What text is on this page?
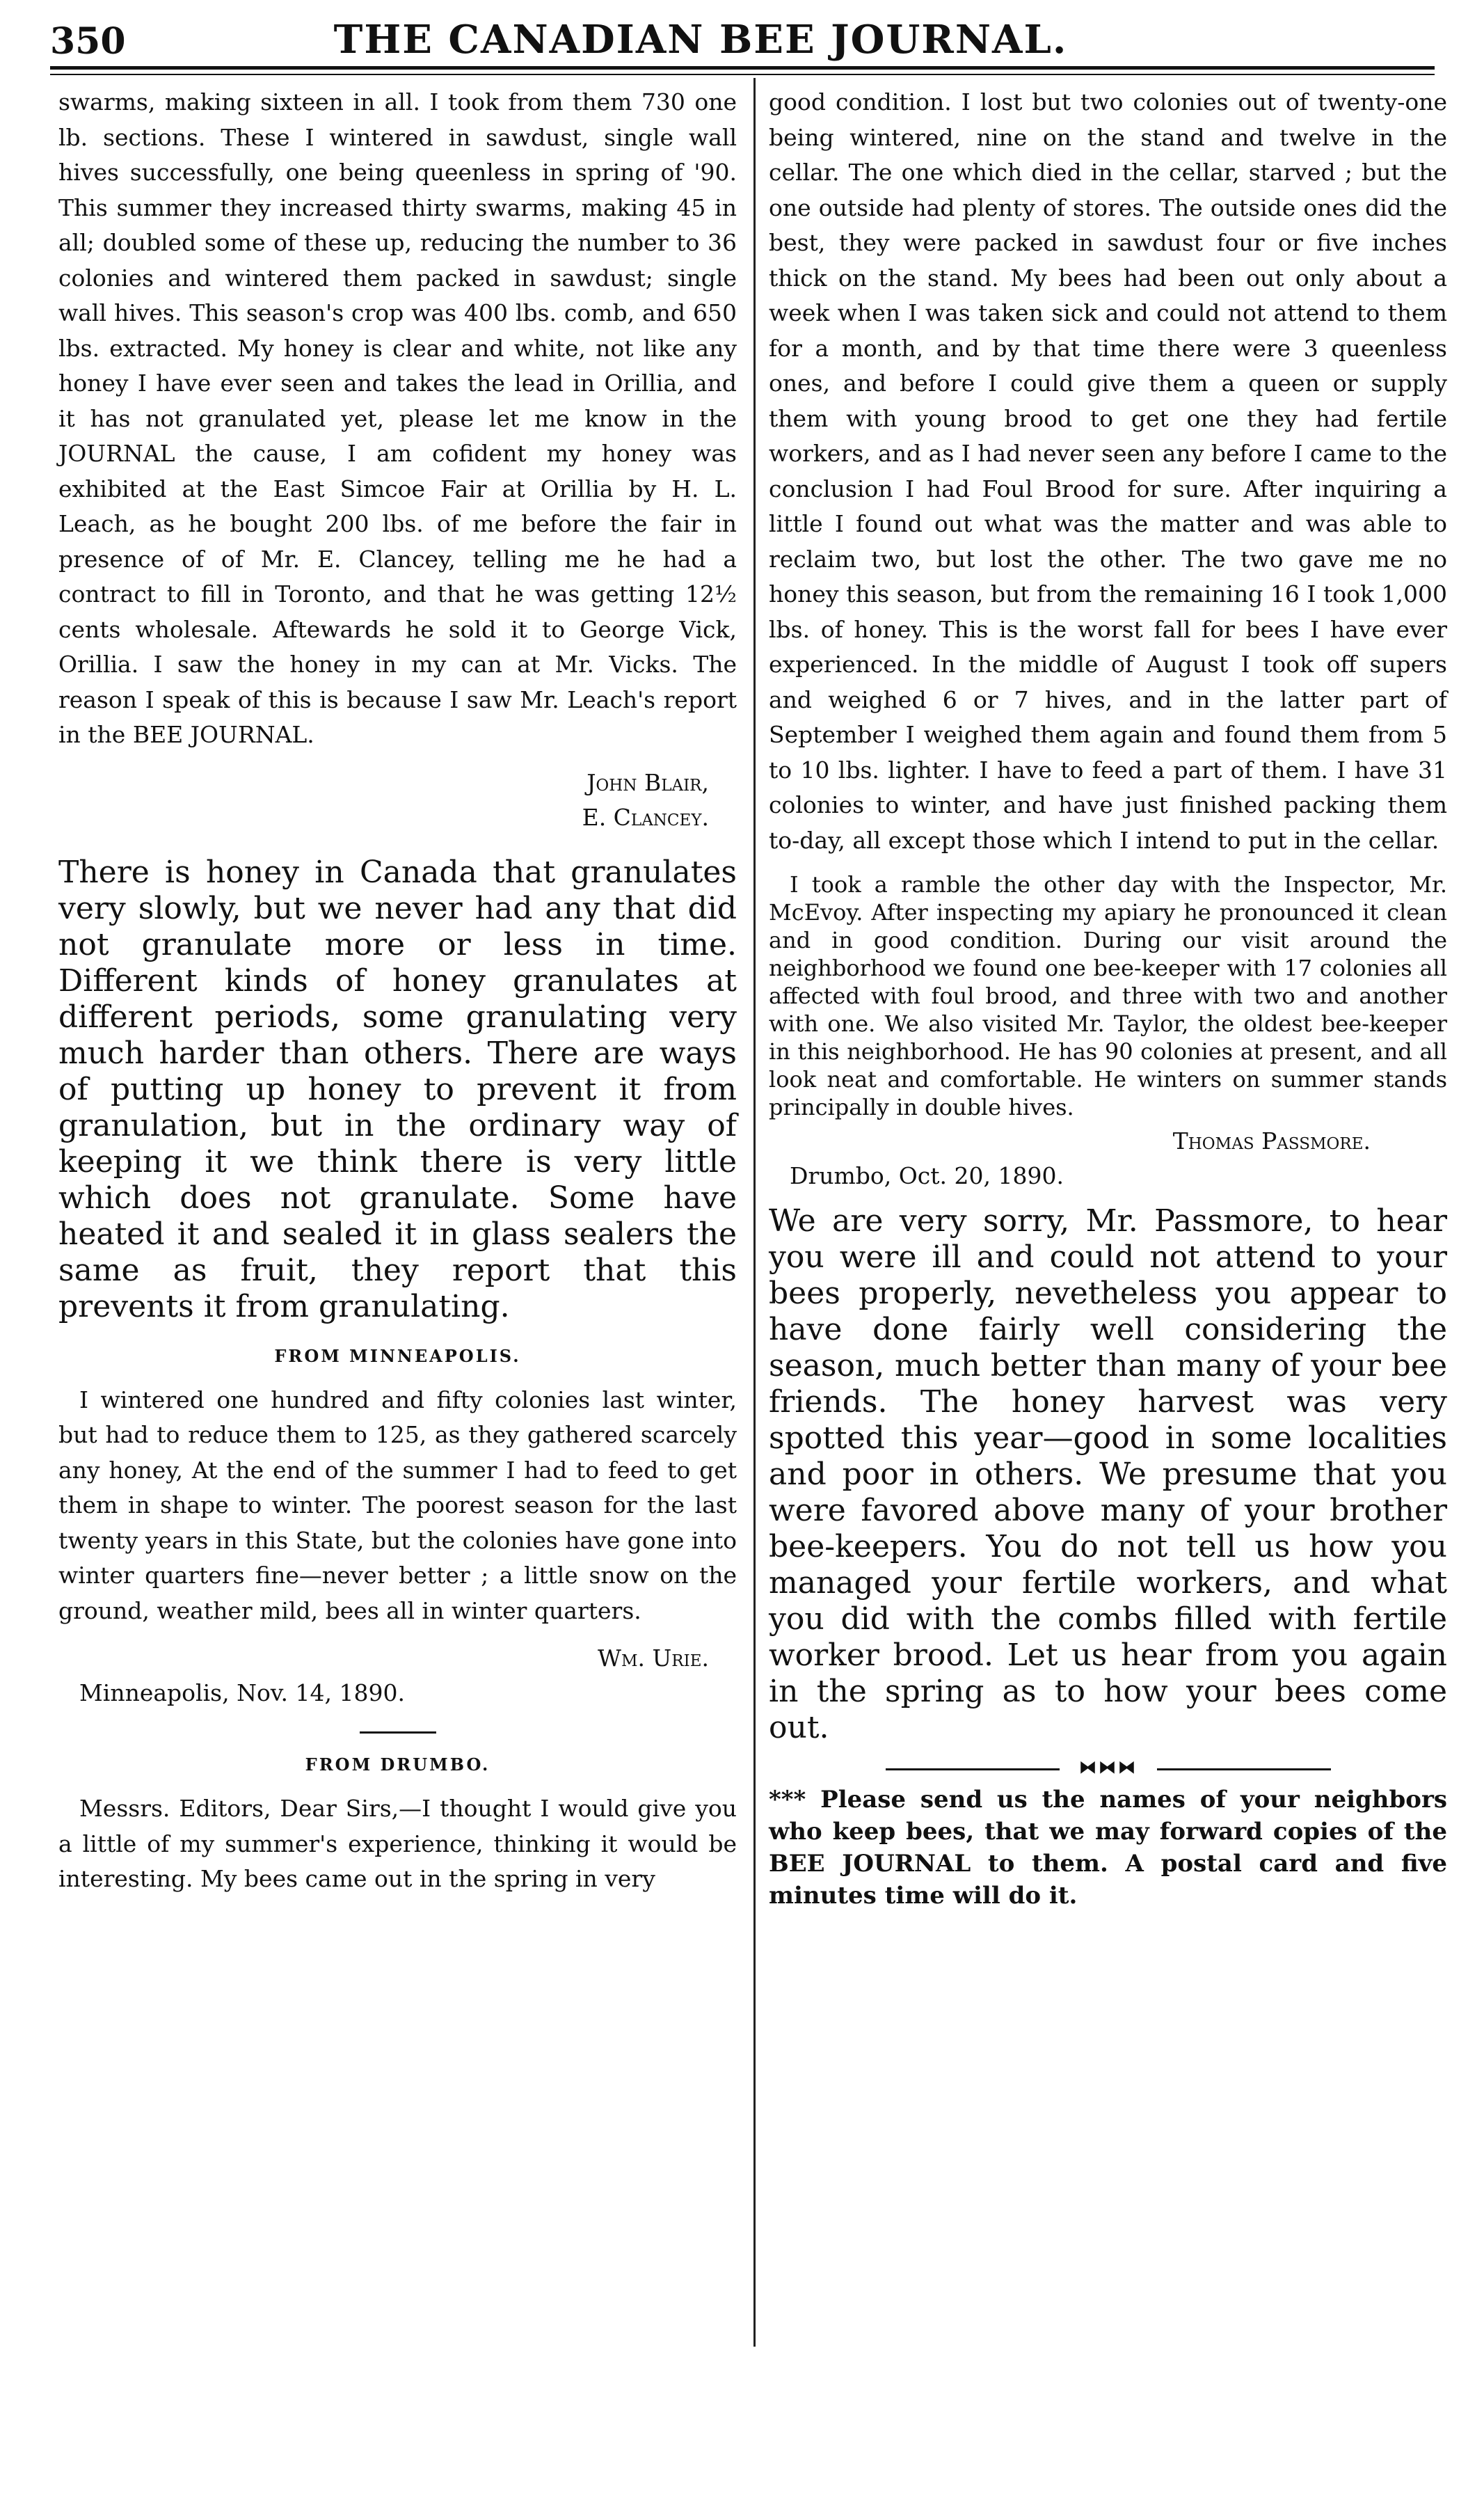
350	THE CANADIAN BEE JOURNAL.

swarms, making sixteen in all. I took from them 730 one lb. sections. These I wintered in sawdust, single wall hives successfully, one being queenless in spring of '90. This summer they increased thirty swarms, making 45 in all; doubled some of these up, reducing the number to 36 colonies and wintered them packed in sawdust; single wall hives. This season's crop was 400 lbs. comb, and 650 lbs. extracted. My honey is clear and white, not like any honey I have ever seen and takes the lead in Orillia, and it has not granulated yet, please let me know in the JOURNAL the cause, I am cofident my honey was exhibited at the East Simcoe Fair at Orillia by H. L. Leach, as he bought 200 lbs. of me before the fair in presence of of Mr. E. Clancey, telling me he had a contract to fill in Toronto, and that he was getting 12½ cents wholesale. Aftewards he sold it to George Vick, Orillia. I saw the honey in my can at Mr. Vicks. The reason I speak of this is because I saw Mr. Leach's report in the BEE JOURNAL.

John Blair,
E. Clancey.

There is honey in Canada that granulates very slowly, but we never had any that did not granulate more or less in time. Different kinds of honey granulates at different periods, some granulating very much harder than others. There are ways of putting up honey to prevent it from granulation, but in the ordinary way of keeping it we think there is very little which does not granulate. Some have heated it and sealed it in glass sealers the same as fruit, they report that this prevents it from granulating.

FROM MINNEAPOLIS.

I wintered one hundred and fifty colonies last winter, but had to reduce them to 125, as they gathered scarcely any honey, At the end of the summer I had to feed to get them in shape to winter. The poorest season for the last twenty years in this State, but the colonies have gone into winter quarters fine—never better ; a little snow on the ground, weather mild, bees all in winter quarters.

Wm. Urie.
Minneapolis, Nov. 14, 1890.
FROM DRUMBO.

Messrs. Editors, Dear Sirs,—I thought I would give you a little of my summer's experience, thinking it would be interesting. My bees came out in the spring in very

good condition. I lost but two colonies out of twenty-one being wintered, nine on the stand and twelve in the cellar. The one which died in the cellar, starved ; but the one outside had plenty of stores. The outside ones did the best, they were packed in sawdust four or five inches thick on the stand. My bees had been out only about a week when I was taken sick and could not attend to them for a month, and by that time there were 3 queenless ones, and before I could give them a queen or supply them with young brood to get one they had fertile workers, and as I had never seen any before I came to the conclusion I had Foul Brood for sure. After inquiring a little I found out what was the matter and was able to reclaim two, but lost the other. The two gave me no honey this season, but from the remaining 16 I took 1,000 lbs. of honey. This is the worst fall for bees I have ever experienced. In the middle of August I took off supers and weighed 6 or 7 hives, and in the latter part of September I weighed them again and found them from 5 to 10 lbs. lighter. I have to feed a part of them. I have 31 colonies to winter, and have just finished packing them to-day, all except those which I intend to put in the cellar.

I took a ramble the other day with the Inspector, Mr. McEvoy. After inspecting my apiary he pronounced it clean and in good condition. During our visit around the neighborhood we found one bee-keeper with 17 colonies all affected with foul brood, and three with two and another with one. We also visited Mr. Taylor, the oldest bee-keeper in this neighborhood. He has 90 colonies at present, and all look neat and comfortable. He winters on summer stands principally in double hives.

Thomas Passmore.
Drumbo, Oct. 20, 1890.

We are very sorry, Mr. Passmore, to hear you were ill and could not attend to your bees properly, nevetheless you appear to have done fairly well considering the season, much better than many of your bee friends. The honey harvest was very spotted this year—good in some localities and poor in others. We presume that you were favored above many of your brother bee-keepers. You do not tell us how you managed your fertile workers, and what you did with the combs filled with fertile worker brood. Let us hear from you again in the spring as to how your bees come out.

⧓⧓⧓

*** Please send us the names of your neighbors who keep bees, that we may forward copies of the BEE JOURNAL to them. A postal card and five minutes time will do it.
